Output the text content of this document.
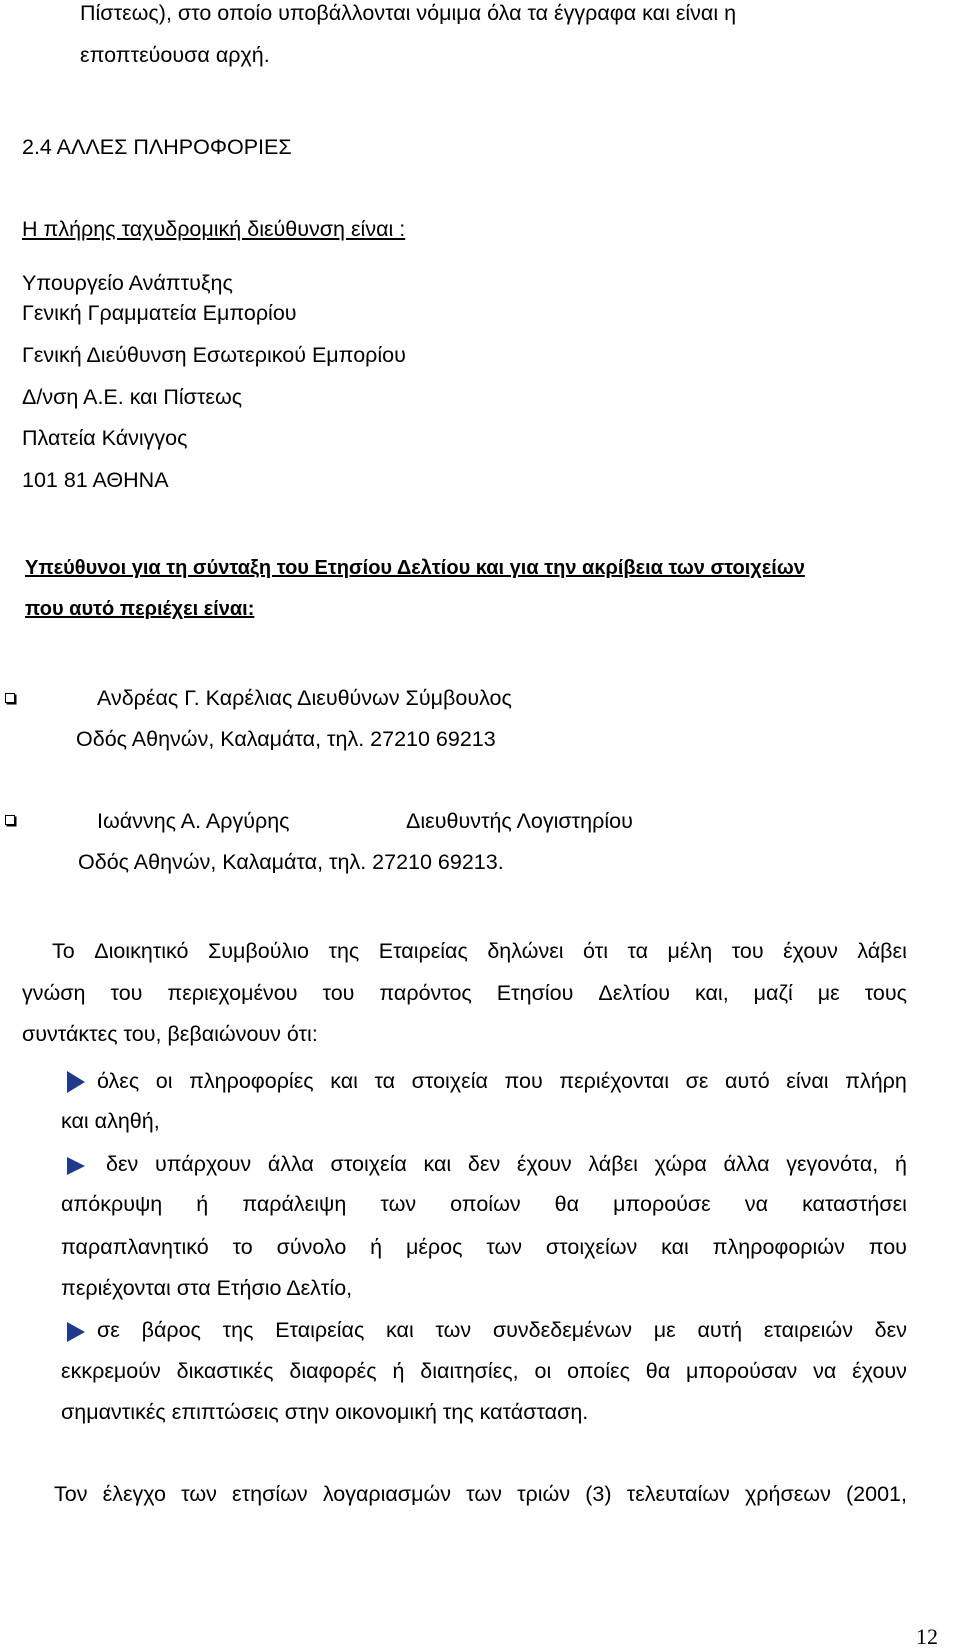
Πίστεως), στο οποίο υποβάλλονται νόμιμα όλα τα έγγραφα και είναι η
εποπτεύουσα αρχή.
2.4 ΑΛΛΕΣ ΠΛΗΡΟΦΟΡΙΕΣ
Η πλήρης ταχυδρομική διεύθυνση είναι :
Υπουργείο Ανάπτυξης
Γενική Γραμματεία Εμπορίου
Γενική Διεύθυνση Εσωτερικού Εμπορίου
Δ/νση Α.Ε. και Πίστεως
Πλατεία Κάνιγγος
101 81 ΑΘΗΝΑ
Υπεύθυνοι για τη σύνταξη του Ετησίου Δελτίου και για την ακρίβεια των στοιχείων
που αυτό περιέχει είναι:
Ανδρέας Γ. Καρέλιας Διευθύνων Σύμβουλος
Οδός Αθηνών, Καλαμάτα, τηλ. 27210 69213
Ιωάννης Α. Αργύρης	Διευθυντής Λογιστηρίου
Οδός Αθηνών, Καλαμάτα, τηλ. 27210 69213.
Το Διοικητικό Συμβούλιο της Εταιρείας δηλώνει ότι τα μέλη του έχουν λάβει
γνώση του περιεχομένου του παρόντος Ετησίου Δελτίου και, μαζί με τους
συντάκτες του, βεβαιώνουν ότι:
όλες οι πληροφορίες και τα στοιχεία που περιέχονται σε αυτό είναι πλήρη
και αληθή,
δεν υπάρχουν άλλα στοιχεία και δεν έχουν λάβει χώρα άλλα γεγονότα, ή
απόκρυψη ή παράλειψη των οποίων θα μπορούσε να καταστήσει
παραπλανητικό το σύνολο ή μέρος των στοιχείων και πληροφοριών που
περιέχονται στα Ετήσιο Δελτίο,
σε βάρος της Εταιρείας και των συνδεδεμένων με αυτή εταιρειών δεν
εκκρεμούν δικαστικές διαφορές ή διαιτησίες, οι οποίες θα μπορούσαν να έχουν
σημαντικές επιπτώσεις στην οικονομική της κατάσταση.
Τον έλεγχο των ετησίων λογαριασμών των τριών (3) τελευταίων χρήσεων (2001,
12
